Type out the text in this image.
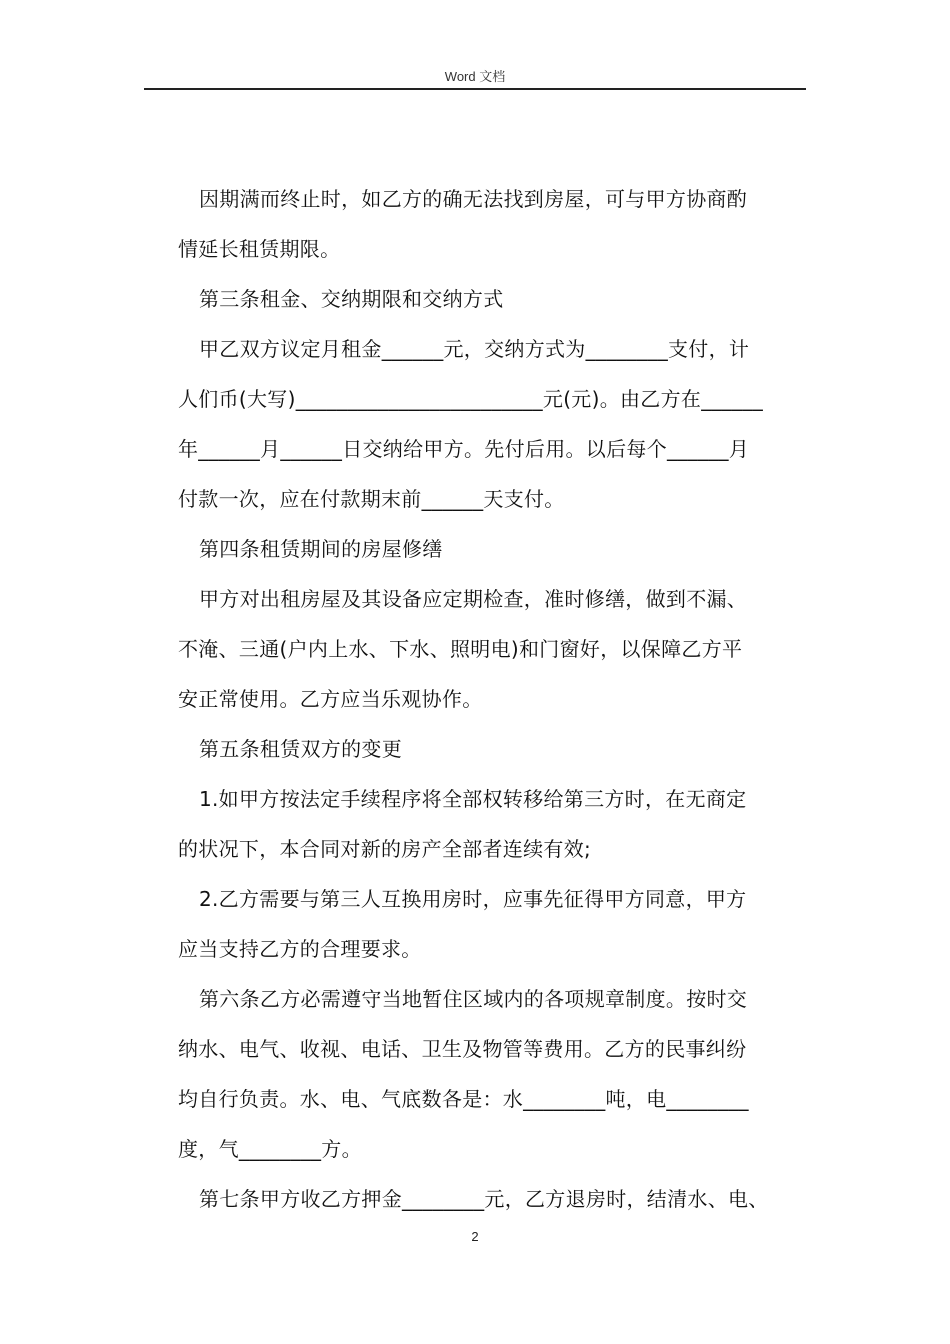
Word 文档
因期满而终止时，如乙方的确无法找到房屋，可与甲方协商酌
情延长租赁期限。
第三条租金、交纳期限和交纳方式
甲乙双方议定月租金______元，交纳方式为________支付，计
人们币(大写)________________________元(元)。由乙方在______
年______月______日交纳给甲方。先付后用。以后每个______月
付款一次，应在付款期末前______天支付。
第四条租赁期间的房屋修缮
甲方对出租房屋及其设备应定期检查，准时修缮，做到不漏、
不淹、三通(户内上水、下水、照明电)和门窗好，以保障乙方平
安正常使用。乙方应当乐观协作。
第五条租赁双方的变更
1.如甲方按法定手续程序将全部权转移给第三方时，在无商定
的状况下，本合同对新的房产全部者连续有效;
2.乙方需要与第三人互换用房时，应事先征得甲方同意，甲方
应当支持乙方的合理要求。
第六条乙方必需遵守当地暂住区域内的各项规章制度。按时交
纳水、电气、收视、电话、卫生及物管等费用。乙方的民事纠纷
均自行负责。水、电、气底数各是：水________吨，电________
度，气________方。
第七条甲方收乙方押金________元，乙方退房时，结清水、电、
2
